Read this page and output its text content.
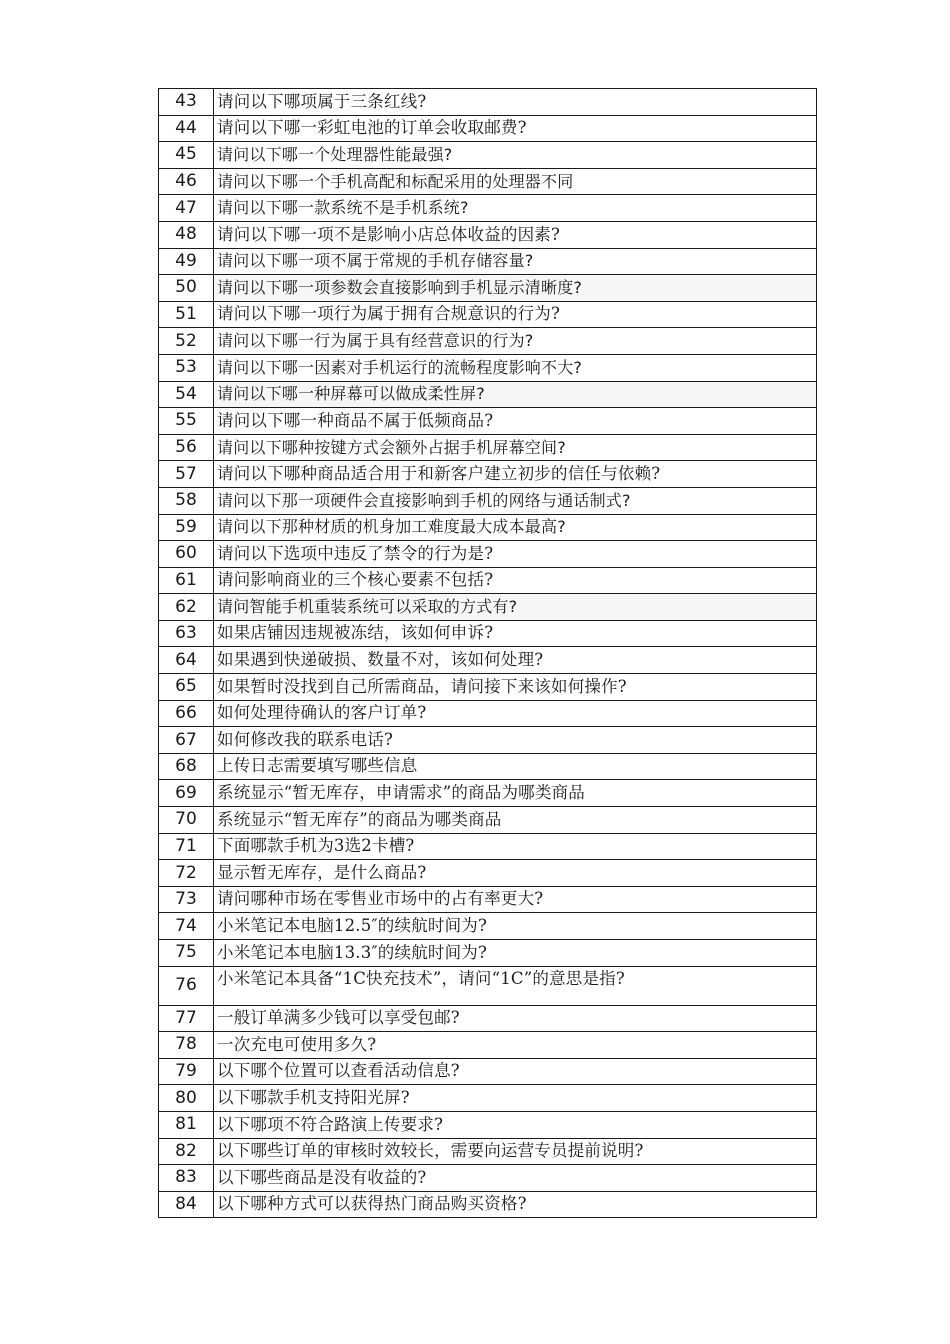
43	请问以下哪项属于三条红线?
44	请问以下哪一彩虹电池的订单会收取邮费?
45	请问以下哪一个处理器性能最强?
46	请问以下哪一个手机高配和标配采用的处理器不同
47	请问以下哪一款系统不是手机系统?
48	请问以下哪一项不是影响小店总体收益的因素?
49	请问以下哪一项不属于常规的手机存储容量?
50	请问以下哪一项参数会直接影响到手机显示清晰度?
51	请问以下哪一项行为属于拥有合规意识的行为?
52	请问以下哪一行为属于具有经营意识的行为?
53	请问以下哪一因素对手机运行的流畅程度影响不大?
54	请问以下哪一种屏幕可以做成柔性屏?
55	请问以下哪一种商品不属于低频商品?
56	请问以下哪种按键方式会额外占据手机屏幕空间?
57	请问以下哪种商品适合用于和新客户建立初步的信任与依赖?
58	请问以下那一项硬件会直接影响到手机的网络与通话制式?
59	请问以下那种材质的机身加工难度最大成本最高?
60	请问以下选项中违反了禁令的行为是?
61	请问影响商业的三个核心要素不包括?
62	请问智能手机重装系统可以采取的方式有?
63	如果店铺因违规被冻结，该如何申诉?
64	如果遇到快递破损、数量不对，该如何处理?
65	如果暂时没找到自己所需商品，请问接下来该如何操作?
66	如何处理待确认的客户订单?
67	如何修改我的联系电话?
68	上传日志需要填写哪些信息
69	系统显示“暂无库存，申请需求”的商品为哪类商品
70	系统显示“暂无库存”的商品为哪类商品
71	下面哪款手机为3选2卡槽?
72	显示暂无库存，是什么商品?
73	请问哪种市场在零售业市场中的占有率更大?
74	小米笔记本电脑12.5″的续航时间为?
75	小米笔记本电脑13.3″的续航时间为?
76	小米笔记本具备“1C快充技术”，请问“1C”的意思是指?
77	一般订单满多少钱可以享受包邮?
78	一次充电可使用多久?
79	以下哪个位置可以查看活动信息?
80	以下哪款手机支持阳光屏?
81	以下哪项不符合路演上传要求?
82	以下哪些订单的审核时效较长，需要向运营专员提前说明?
83	以下哪些商品是没有收益的?
84	以下哪种方式可以获得热门商品购买资格?
